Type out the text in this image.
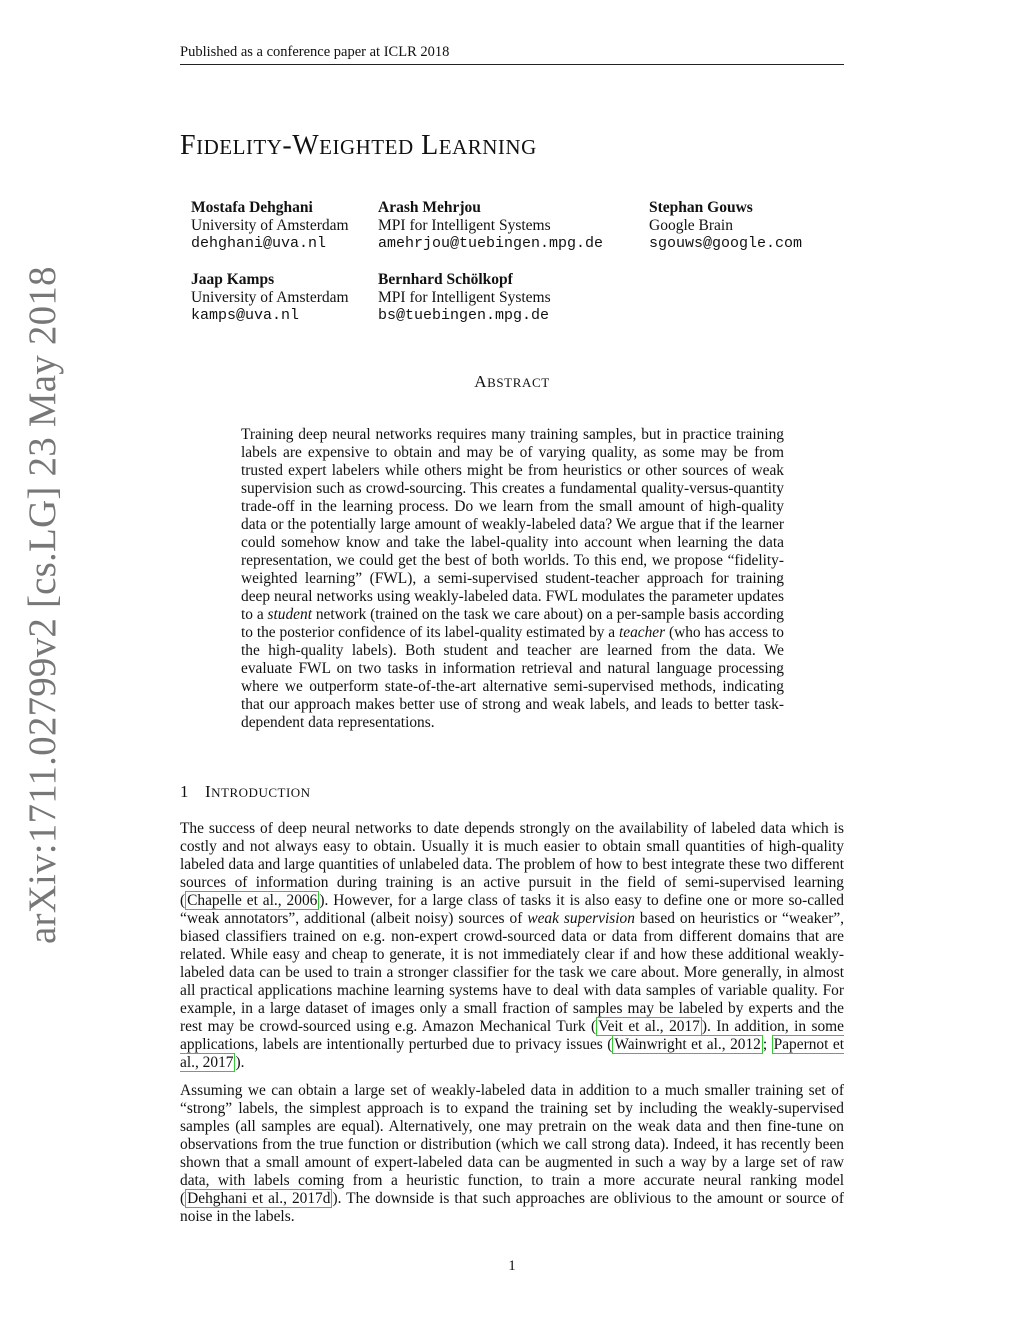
Published as a conference paper at ICLR 2018
arXiv:1711.02799v2 [cs.LG] 23 May 2018
FIDELITY-WEIGHTED LEARNING
Mostafa Dehghani
University of Amsterdam
dehghani@uva.nl
Arash Mehrjou
MPI for Intelligent Systems
amehrjou@tuebingen.mpg.de
Stephan Gouws
Google Brain
sgouws@google.com
Jaap Kamps
University of Amsterdam
kamps@uva.nl
Bernhard Schölkopf
MPI for Intelligent Systems
bs@tuebingen.mpg.de
ABSTRACT
Training deep neural networks requires many training samples, but in practice training labels are expensive to obtain and may be of varying quality, as some may be from trusted expert labelers while others might be from heuristics or other sources of weak supervision such as crowd-sourcing. This creates a fundamental quality-versus-quantity trade-off in the learning process. Do we learn from the small amount of high-quality data or the potentially large amount of weakly-labeled data? We argue that if the learner could somehow know and take the label-quality into account when learning the data representation, we could get the best of both worlds. To this end, we propose “fidelity-weighted learning” (FWL), a semi-supervised student-teacher approach for training deep neural networks using weakly-labeled data. FWL modulates the parameter updates to a student network (trained on the task we care about) on a per-sample basis according to the posterior confidence of its label-quality estimated by a teacher (who has access to the high-quality labels). Both student and teacher are learned from the data. We evaluate FWL on two tasks in information retrieval and natural language processing where we outperform state-of-the-art alternative semi-supervised methods, indicating that our approach makes better use of strong and weak labels, and leads to better task-dependent data representations.
1 INTRODUCTION
The success of deep neural networks to date depends strongly on the availability of labeled data which is costly and not always easy to obtain. Usually it is much easier to obtain small quantities of high-quality labeled data and large quantities of unlabeled data. The problem of how to best integrate these two different sources of information during training is an active pursuit in the field of semi-supervised learning ( Chapelle et al., 2006 ). However, for a large class of tasks it is also easy to define one or more so-called “weak annotators”, additional (albeit noisy) sources of weak supervision based on heuristics or “weaker”, biased classifiers trained on e.g. non-expert crowd-sourced data or data from different domains that are related. While easy and cheap to generate, it is not immediately clear if and how these additional weakly-labeled data can be used to train a stronger classifier for the task we care about. More generally, in almost all practical applications machine learning systems have to deal with data samples of variable quality. For example, in a large dataset of images only a small fraction of samples may be labeled by experts and the rest may be crowd-sourced using e.g. Amazon Mechanical Turk ( Veit et al., 2017 ). In addition, in some applications, labels are intentionally perturbed due to privacy issues ( Wainwright et al., 2012 ; Papernot et al., 2017 ).
Assuming we can obtain a large set of weakly-labeled data in addition to a much smaller training set of “strong” labels, the simplest approach is to expand the training set by including the weakly-supervised samples (all samples are equal). Alternatively, one may pretrain on the weak data and then fine-tune on observations from the true function or distribution (which we call strong data). Indeed, it has recently been shown that a small amount of expert-labeled data can be augmented in such a way by a large set of raw data, with labels coming from a heuristic function, to train a more accurate neural ranking model ( Dehghani et al., 2017d ). The downside is that such approaches are oblivious to the amount or source of noise in the labels.
1
